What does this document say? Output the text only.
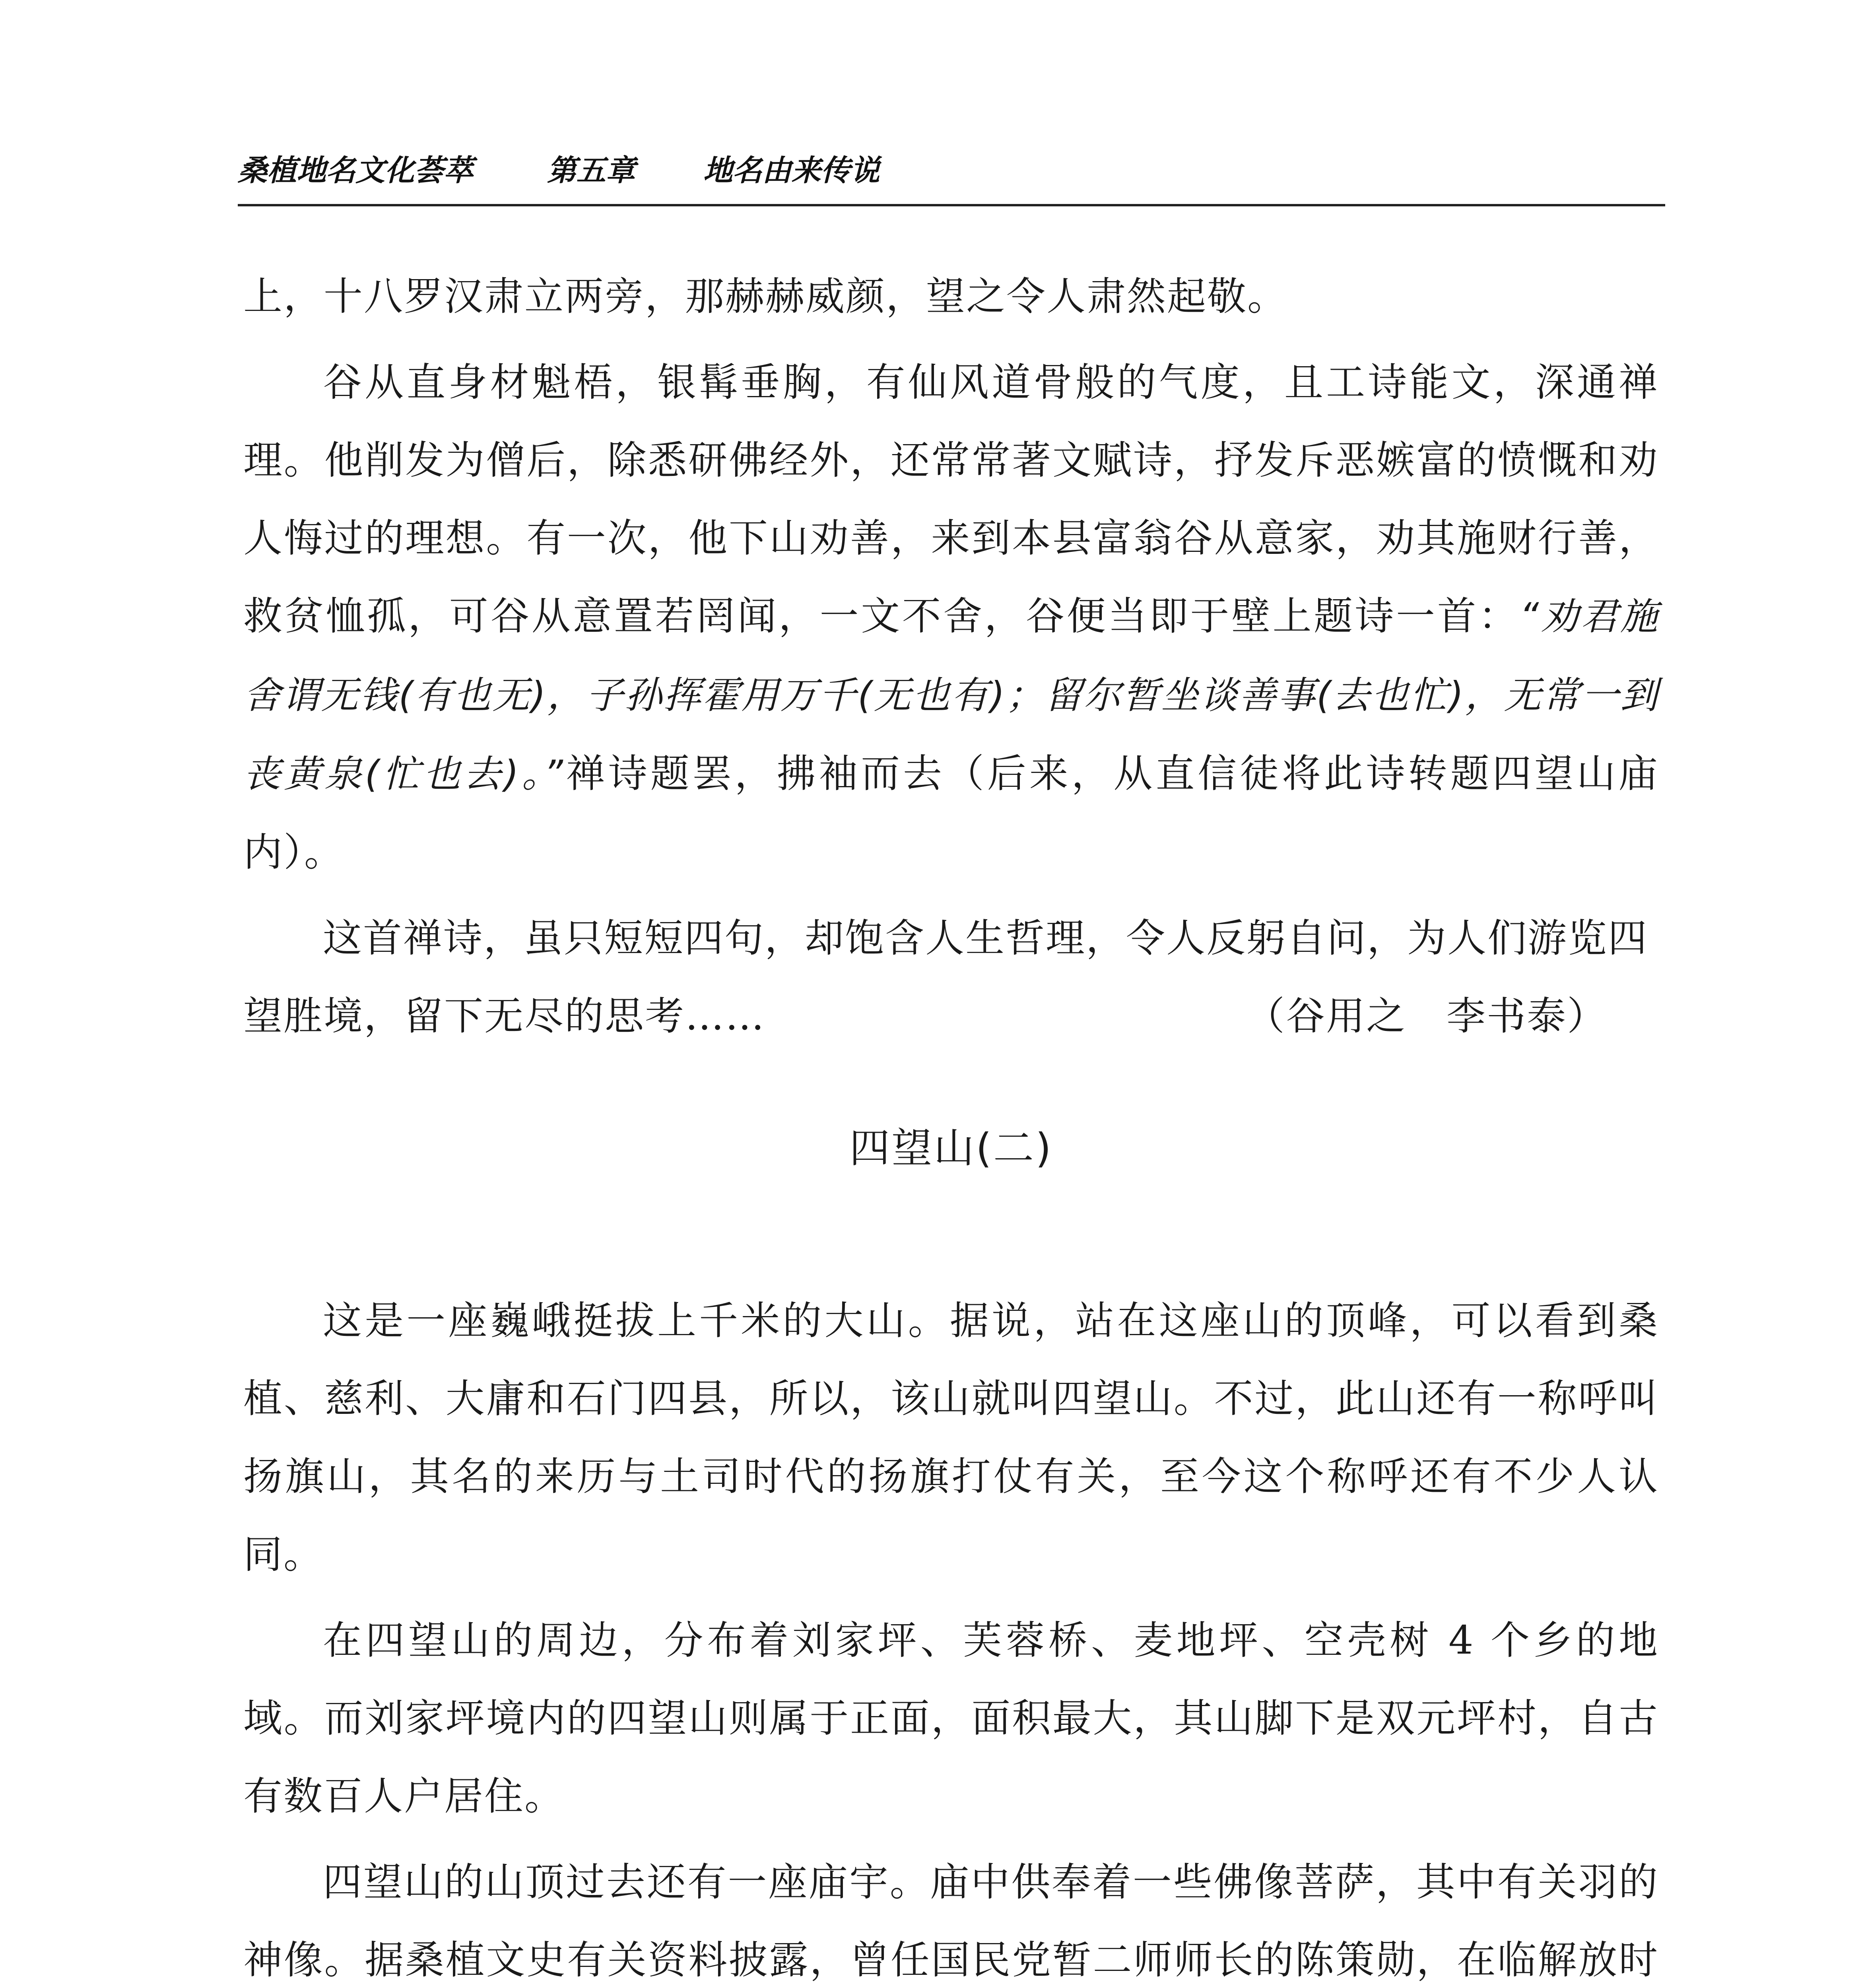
桑植地名文化荟萃	第五章 地名由来传说

上，十八罗汉肃立两旁，那赫赫威颜，望之令人肃然起敬。

谷从直身材魁梧，银髯垂胸，有仙风道骨般的气度，且工诗能文，深通禅理。他削发为僧后，除悉研佛经外，还常常著文赋诗，抒发斥恶嫉富的愤慨和劝人悔过的理想。有一次，他下山劝善，来到本县富翁谷从意家，劝其施财行善，救贫恤孤，可谷从意置若罔闻，一文不舍，谷便当即于壁上题诗一首：“劝君施舍谓无钱(有也无)，子孙挥霍用万千(无也有)；留尔暂坐谈善事(去也忙)，无常一到丧黄泉(忙也去)。”禅诗题罢，拂袖而去（后来，从直信徒将此诗转题四望山庙内）。

这首禅诗，虽只短短四句，却饱含人生哲理，令人反躬自问，为人们游览四望胜境，留下无尽的思考……	（谷用之　李书泰）

四望山(二)

这是一座巍峨挺拔上千米的大山。据说，站在这座山的顶峰，可以看到桑植、慈利、大庸和石门四县，所以，该山就叫四望山。不过，此山还有一称呼叫扬旗山，其名的来历与土司时代的扬旗打仗有关，至今这个称呼还有不少人认同。

在四望山的周边，分布着刘家坪、芙蓉桥、麦地坪、空壳树 4 个乡的地域。而刘家坪境内的四望山则属于正面，面积最大，其山脚下是双元坪村，自古有数百人户居住。

四望山的山顶过去还有一座庙宇。庙中供奉着一些佛像菩萨，其中有关羽的神像。据桑植文史有关资料披露，曾任国民党暂二师师长的陈策勋，在临解放时
